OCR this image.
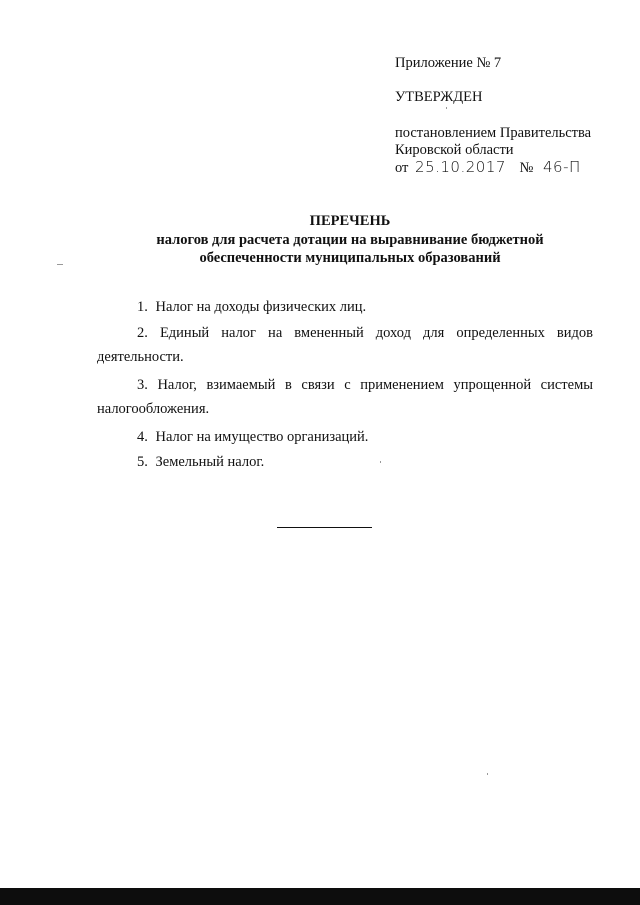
Приложение № 7
УТВЕРЖДЕН
постановлением Правительства
Кировской области
от 25.10.2017 № 46-П
ПЕРЕЧЕНЬ
налогов для расчета дотации на выравнивание бюджетной
обеспеченности муниципальных образований
1. Налог на доходы физических лиц.
2. Единый налог на вмененный доход для определенных видов
деятельности.
3. Налог, взимаемый в связи с применением упрощенной системы
налогообложения.
4. Налог на имущество организаций.
5. Земельный налог.
